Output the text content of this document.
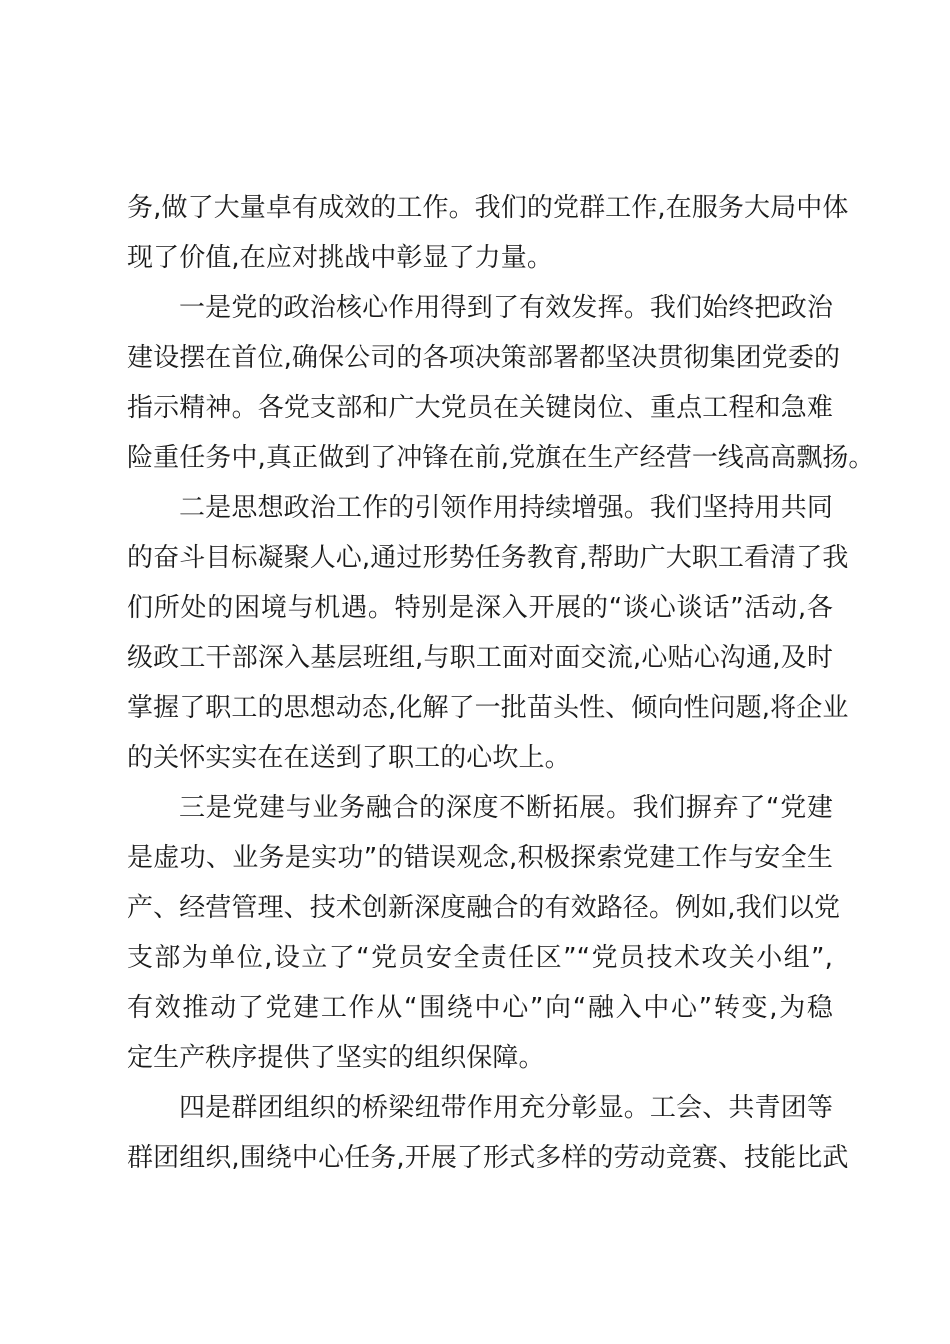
务,做了大量卓有成效的工作。我们的党群工作,在服务大局中体
现了价值,在应对挑战中彰显了力量。
一是党的政治核心作用得到了有效发挥。我们始终把政治
建设摆在首位,确保公司的各项决策部署都坚决贯彻集团党委的
指示精神。各党支部和广大党员在关键岗位、重点工程和急难
险重任务中,真正做到了冲锋在前,党旗在生产经营一线高高飘扬。
二是思想政治工作的引领作用持续增强。我们坚持用共同
的奋斗目标凝聚人心,通过形势任务教育,帮助广大职工看清了我
们所处的困境与机遇。特别是深入开展的“谈心谈话”活动,各
级政工干部深入基层班组,与职工面对面交流,心贴心沟通,及时
掌握了职工的思想动态,化解了一批苗头性、倾向性问题,将企业
的关怀实实在在送到了职工的心坎上。
三是党建与业务融合的深度不断拓展。我们摒弃了“党建
是虚功、业务是实功”的错误观念,积极探索党建工作与安全生
产、经营管理、技术创新深度融合的有效路径。例如,我们以党
支部为单位,设立了“党员安全责任区”“党员技术攻关小组”,
有效推动了党建工作从“围绕中心”向“融入中心”转变,为稳
定生产秩序提供了坚实的组织保障。
四是群团组织的桥梁纽带作用充分彰显。工会、共青团等
群团组织,围绕中心任务,开展了形式多样的劳动竞赛、技能比武
